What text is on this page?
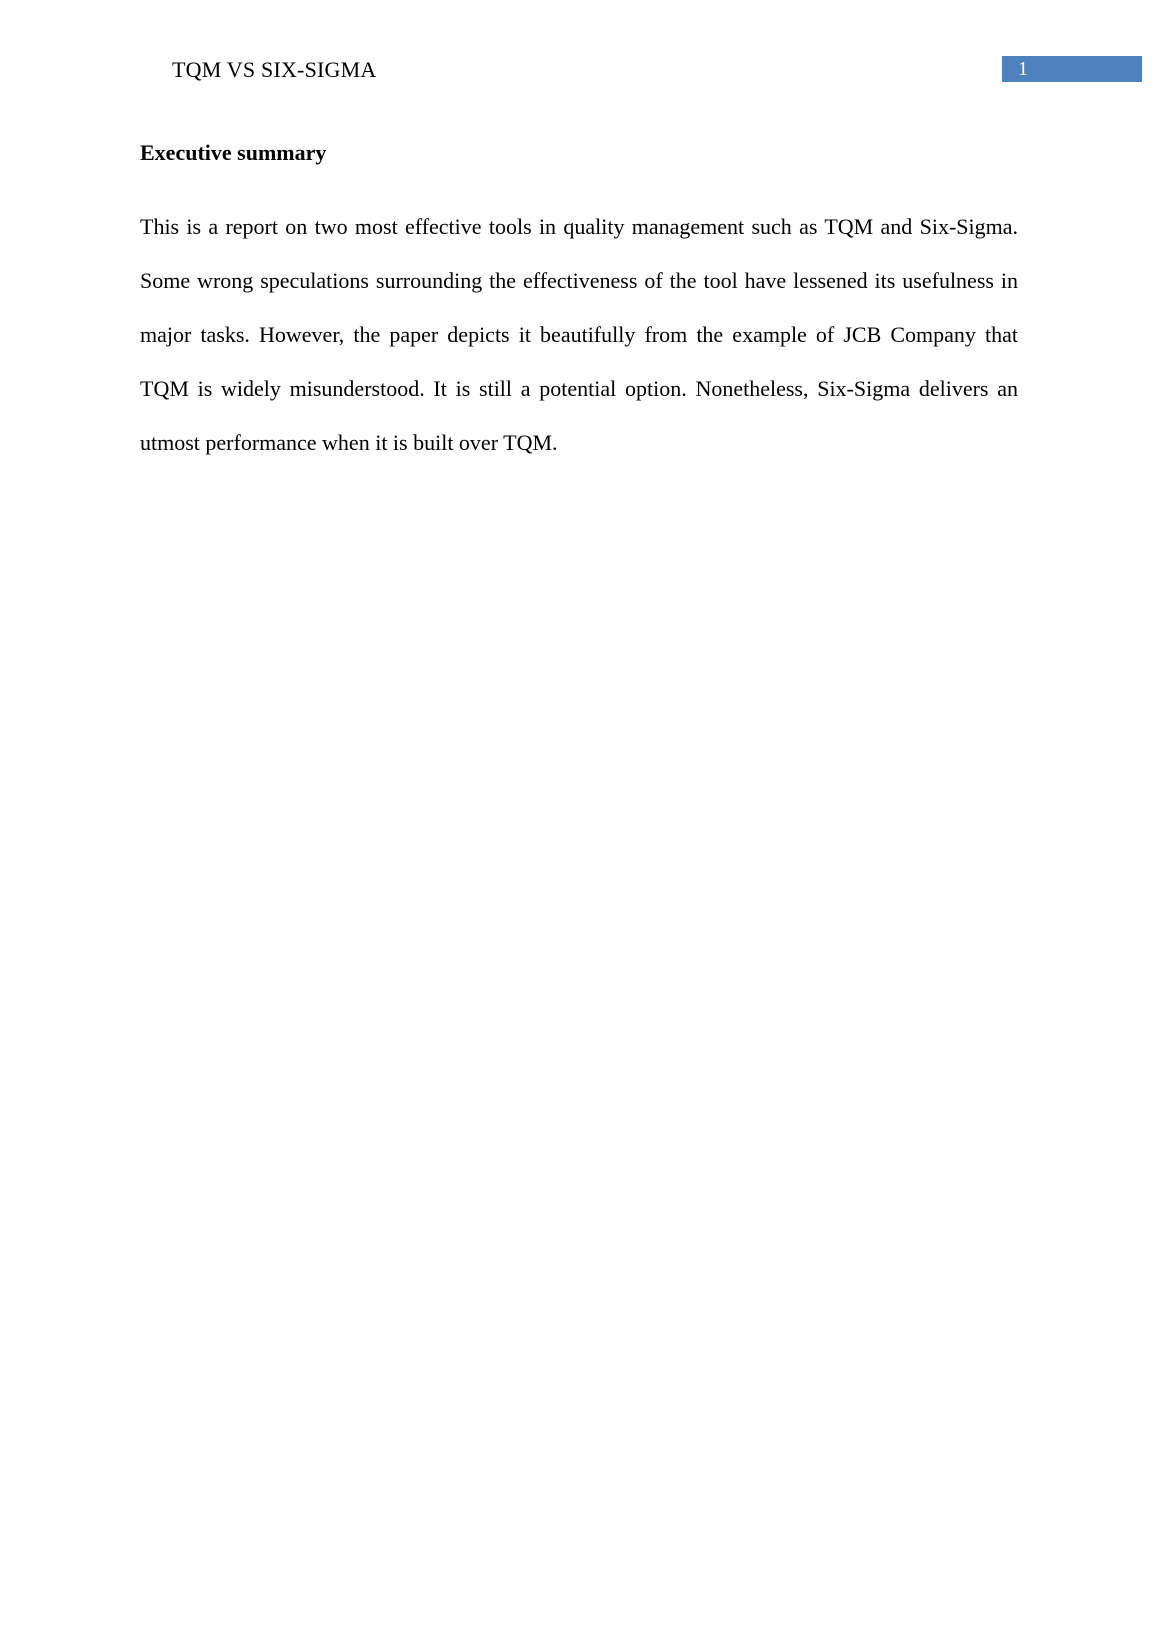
TQM VS SIX-SIGMA	1
Executive summary

This is a report on two most effective tools in quality management such as TQM and Six-Sigma. Some wrong speculations surrounding the effectiveness of the tool have lessened its usefulness in major tasks. However, the paper depicts it beautifully from the example of JCB Company that TQM is widely misunderstood. It is still a potential option. Nonetheless, Six-Sigma delivers an utmost performance when it is built over TQM.
